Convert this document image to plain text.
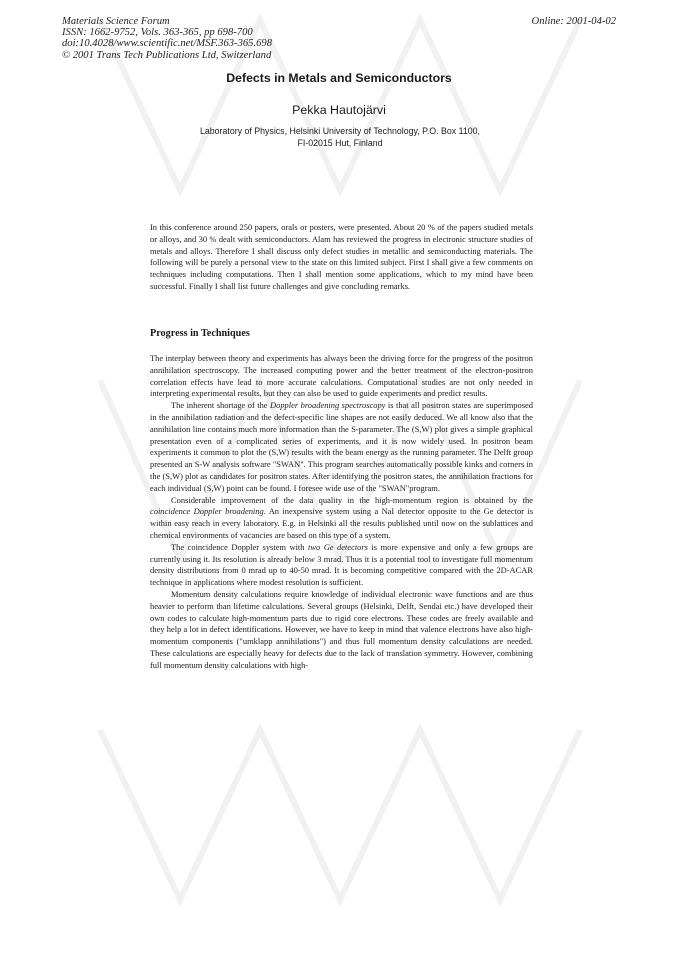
Materials Science Forum
ISSN: 1662-9752, Vols. 363-365, pp 698-700
doi:10.4028/www.scientific.net/MSF.363-365.698
© 2001 Trans Tech Publications Ltd, Switzerland
Online: 2001-04-02
Defects in Metals and Semiconductors
Pekka Hautojärvi
Laboratory of Physics, Helsinki University of Technology, P.O. Box 1100,
FI-02015 Hut, Finland

In this conference around 250 papers, orals or posters, were presented. About 20 % of the papers studied metals or alloys, and 30 % dealt with semiconductors. Alam has reviewed the progress in electronic structure studies of metals and alloys. Therefore I shall discuss only defect studies in metallic and semiconducting materials. The following will be purely a personal view to the state on this limited subject. First I shall give a few comments on techniques including computations. Then I shall mention some applications, which to my mind have been successful. Finally I shall list future challenges and give concluding remarks.

Progress in Techniques

The interplay between theory and experiments has always been the driving force for the progress of the positron annihilation spectroscopy. The increased computing power and the better treatment of the electron-positron correlation effects have lead to more accurate calculations. Computational studies are not only needed in interpreting experimental results, but they can also be used to guide experiments and predict results.

The inherent shortage of the Doppler broadening spectroscopy is that all positron states are superimposed in the annihilation radiation and the defect-specific line shapes are not easily deduced. We all know also that the annihilation line contains much more information than the S-parameter. The (S,W) plot gives a simple graphical presentation even of a complicated series of experiments, and it is now widely used. In positron beam experiments it common to plot the (S,W) results with the beam energy as the running parameter. The Delft group presented an S-W analysis software "SWAN". This program searches automatically possible kinks and corners in the (S,W) plot as candidates for positron states. After identifying the positron states, the annihilation fractions for each individual (S,W) point can be found. I foresee wide use of the "SWAN"program.

Considerable improvement of the data quality in the high-momentum region is obtained by the coincidence Doppler broadening. An inexpensive system using a NaI detector opposite to the Ge detector is within easy reach in every laboratory. E.g. in Helsinki all the results published until now on the sublattices and chemical environments of vacancies are based on this type of a system.

The coincidence Doppler system with two Ge detectors is more expensive and only a few groups are currently using it. Its resolution is already below 3 mrad. Thus it is a potential tool to investigate full momentum density distributions from 0 mrad up to 40-50 mrad. It is becoming competitive compared with the 2D-ACAR technique in applications where modest resolution is sufficient.

Momentum density calculations require knowledge of individual electronic wave functions and are thus heavier to perform than lifetime calculations. Several groups (Helsinki, Delft, Sendai etc.) have developed their own codes to calculate high-momentum parts due to rigid core electrons. These codes are freely available and they help a lot in defect identifications. However, we have to keep in mind that valence electrons have also high-momentum components ("umklapp annihilations") and thus full momentum density calculations are needed. These calculations are especially heavy for defects due to the lack of translation symmetry. However, combining full momentum density calculations with high-
